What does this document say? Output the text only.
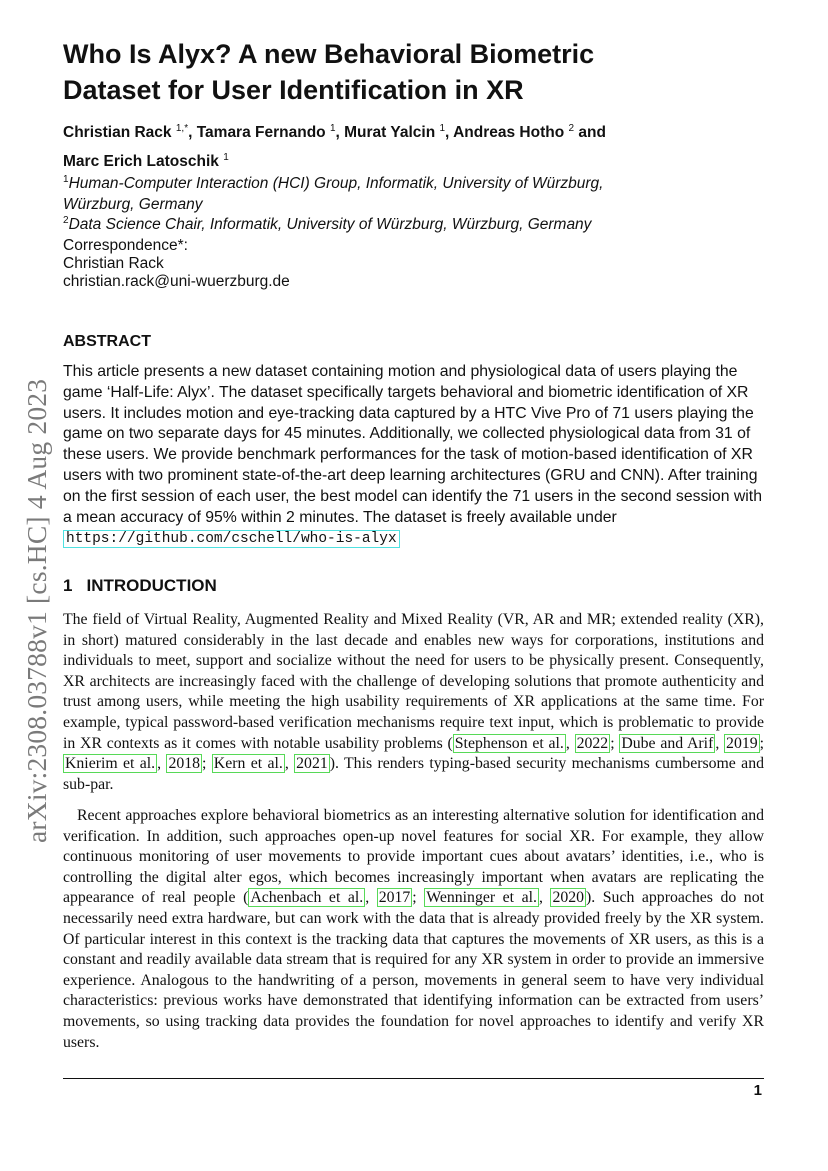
arXiv:2308.03788v1 [cs.HC] 4 Aug 2023
Who Is Alyx? A new Behavioral Biometric
Dataset for User Identification in XR
Christian Rack $^{1,*}$, Tamara Fernando $^1$, Murat Yalcin $^1$, Andreas Hotho $^2$ and
Marc Erich Latoschik $^1$
$^1$Human-Computer Interaction (HCI) Group, Informatik, University of Würzburg, Würzburg, Germany
$^2$Data Science Chair, Informatik, University of Würzburg, Würzburg, Germany
Correspondence*:
Christian Rack
christian.rack@uni-wuerzburg.de
ABSTRACT
This article presents a new dataset containing motion and physiological data of users playing the game ‘Half-Life: Alyx’. The dataset specifically targets behavioral and biometric identification of XR users. It includes motion and eye-tracking data captured by a HTC Vive Pro of 71 users playing the game on two separate days for 45 minutes. Additionally, we collected physiological data from 31 of these users. We provide benchmark performances for the task of motion-based identification of XR users with two prominent state-of-the-art deep learning architectures (GRU and CNN). After training on the first session of each user, the best model can identify the 71 users in the second session with a mean accuracy of 95% within 2 minutes. The dataset is freely available under https://github.com/cschell/who-is-alyx
1 INTRODUCTION
The field of Virtual Reality, Augmented Reality and Mixed Reality (VR, AR and MR; extended reality (XR), in short) matured considerably in the last decade and enables new ways for corporations, institutions and individuals to meet, support and socialize without the need for users to be physically present. Consequently, XR architects are increasingly faced with the challenge of developing solutions that promote authenticity and trust among users, while meeting the high usability requirements of XR applications at the same time. For example, typical password-based verification mechanisms require text input, which is problematic to provide in XR contexts as it comes with notable usability problems ( Stephenson et al. , 2022 ; Dube and Arif , 2019 ; Knierim et al. , 2018 ; Kern et al. , 2021 ). This renders typing-based security mechanisms cumbersome and sub-par.
Recent approaches explore behavioral biometrics as an interesting alternative solution for identification and verification. In addition, such approaches open-up novel features for social XR. For example, they allow continuous monitoring of user movements to provide important cues about avatars’ identities, i.e., who is controlling the digital alter egos, which becomes increasingly important when avatars are replicating the appearance of real people ( Achenbach et al. , 2017 ; Wenninger et al. , 2020 ). Such approaches do not necessarily need extra hardware, but can work with the data that is already provided freely by the XR system. Of particular interest in this context is the tracking data that captures the movements of XR users, as this is a constant and readily available data stream that is required for any XR system in order to provide an immersive experience. Analogous to the handwriting of a person, movements in general seem to have very individual characteristics: previous works have demonstrated that identifying information can be extracted from users’ movements, so using tracking data provides the foundation for novel approaches to identify and verify XR users.
1
